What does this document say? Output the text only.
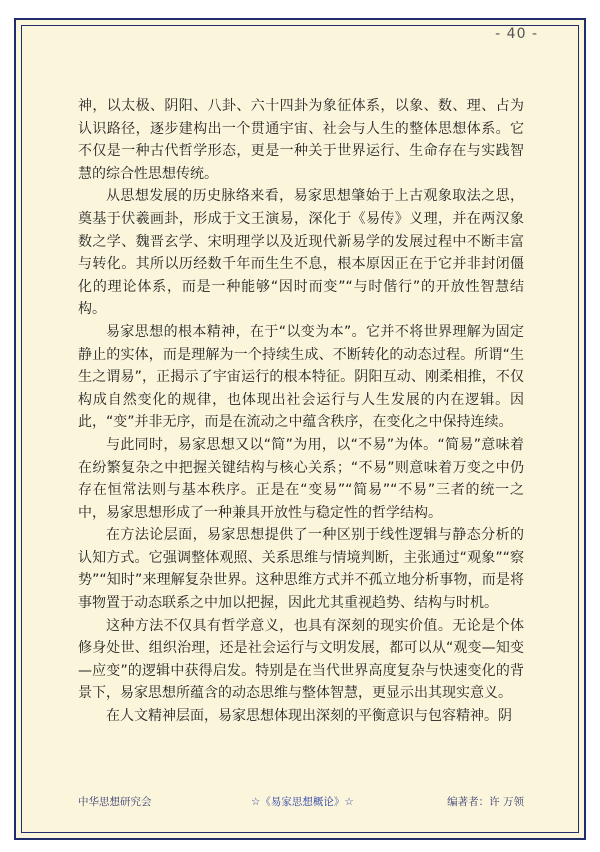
- 40 -

神，以太极、阴阳、八卦、六十四卦为象征体系，以象、数、理、占为认识路径，逐步建构出一个贯通宇宙、社会与人生的整体思想体系。它不仅是一种古代哲学形态，更是一种关于世界运行、生命存在与实践智慧的综合性思想传统。

从思想发展的历史脉络来看，易家思想肇始于上古观象取法之思，奠基于伏羲画卦，形成于文王演易，深化于《易传》义理，并在两汉象数之学、魏晋玄学、宋明理学以及近现代新易学的发展过程中不断丰富与转化。其所以历经数千年而生生不息，根本原因正在于它并非封闭僵化的理论体系，而是一种能够“因时而变”“与时偕行”的开放性智慧结构。

易家思想的根本精神，在于“以变为本”。它并不将世界理解为固定静止的实体，而是理解为一个持续生成、不断转化的动态过程。所谓“生生之谓易”，正揭示了宇宙运行的根本特征。阴阳互动、刚柔相推，不仅构成自然变化的规律，也体现出社会运行与人生发展的内在逻辑。因此，“变”并非无序，而是在流动之中蕴含秩序，在变化之中保持连续。

与此同时，易家思想又以“简”为用，以“不易”为体。“简易”意味着在纷繁复杂之中把握关键结构与核心关系；“不易”则意味着万变之中仍存在恒常法则与基本秩序。正是在“变易”“简易”“不易”三者的统一之中，易家思想形成了一种兼具开放性与稳定性的哲学结构。

在方法论层面，易家思想提供了一种区别于线性逻辑与静态分析的认知方式。它强调整体观照、关系思维与情境判断，主张通过“观象”“察势”“知时”来理解复杂世界。这种思维方式并不孤立地分析事物，而是将事物置于动态联系之中加以把握，因此尤其重视趋势、结构与时机。

这种方法不仅具有哲学意义，也具有深刻的现实价值。无论是个体修身处世、组织治理，还是社会运行与文明发展，都可以从“观变—知变—应变”的逻辑中获得启发。特别是在当代世界高度复杂与快速变化的背景下，易家思想所蕴含的动态思维与整体智慧，更显示出其现实意义。

在人文精神层面，易家思想体现出深刻的平衡意识与包容精神。阴

中华思想研究会	☆《易家思想概论》☆	编著者：许 万领
